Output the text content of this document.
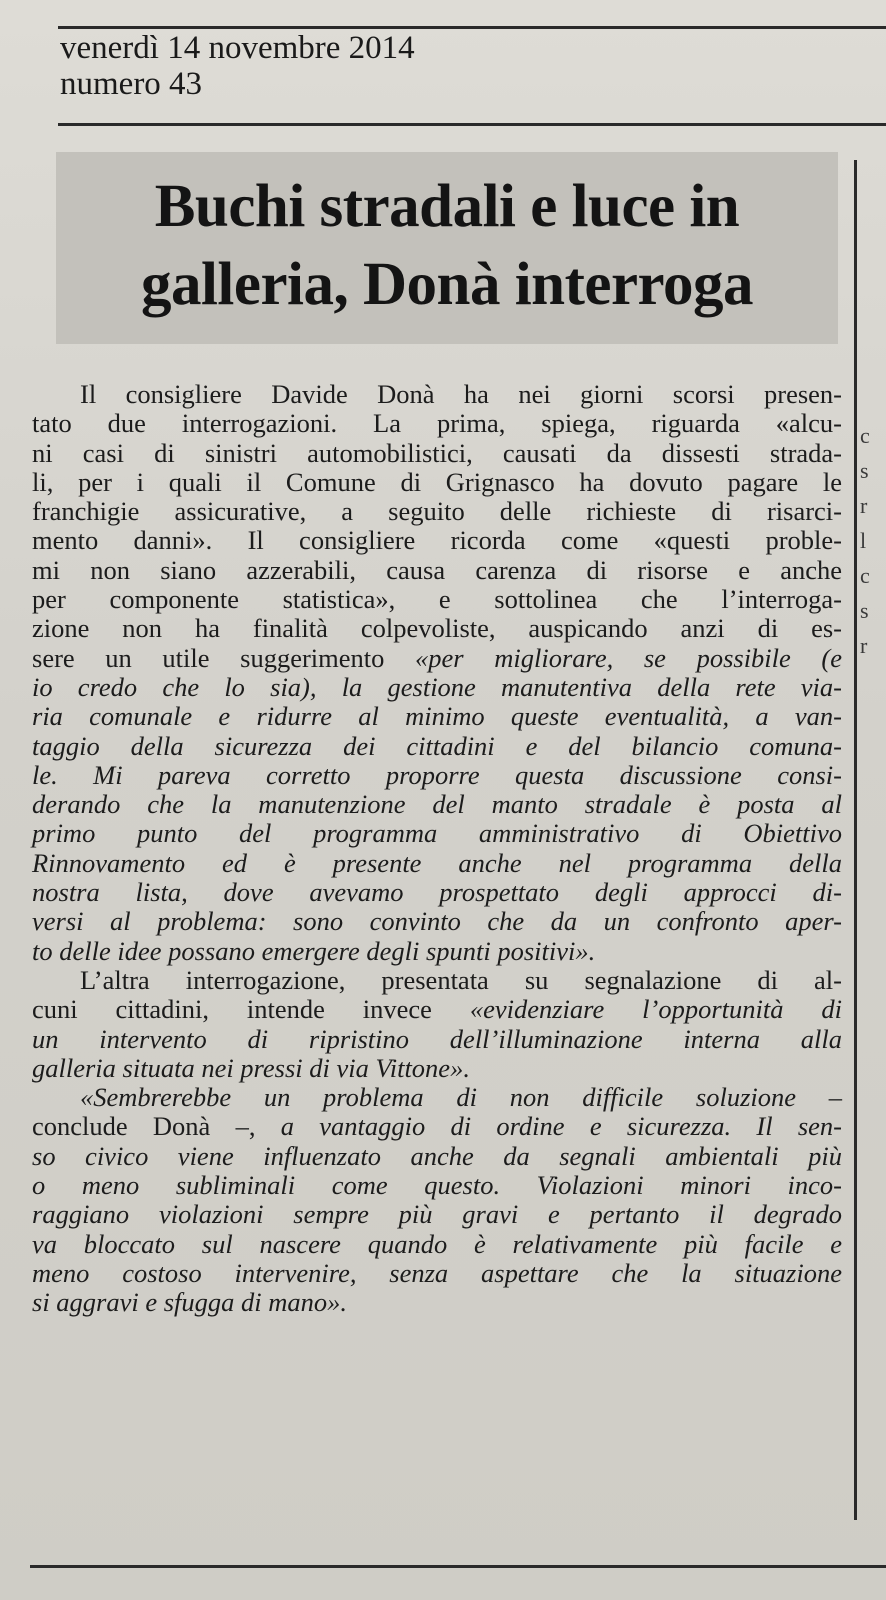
venerdì 14 novembre 2014
numero 43
Buchi stradali e luce in
galleria, Donà interroga
Il consigliere Davide Donà ha nei giorni scorsi presen-
tato due interrogazioni. La prima, spiega, riguarda «alcu-
ni casi di sinistri automobilistici, causati da dissesti strada-
li, per i quali il Comune di Grignasco ha dovuto pagare le
franchigie assicurative, a seguito delle richieste di risarci-
mento danni». Il consigliere ricorda come «questi proble-
mi non siano azzerabili, causa carenza di risorse e anche
per componente statistica», e sottolinea che l’interroga-
zione non ha finalità colpevoliste, auspicando anzi di es-
sere un utile suggerimento «per migliorare, se possibile (e
io credo che lo sia), la gestione manutentiva della rete via-
ria comunale e ridurre al minimo queste eventualità, a van-
taggio della sicurezza dei cittadini e del bilancio comuna-
le. Mi pareva corretto proporre questa discussione consi-
derando che la manutenzione del manto stradale è posta al
primo punto del programma amministrativo di Obiettivo
Rinnovamento ed è presente anche nel programma della
nostra lista, dove avevamo prospettato degli approcci di-
versi al problema: sono convinto che da un confronto aper-
to delle idee possano emergere degli spunti positivi».
L’altra interrogazione, presentata su segnalazione di al-
cuni cittadini, intende invece «evidenziare l’opportunità di
un intervento di ripristino dell’illuminazione interna alla
galleria situata nei pressi di via Vittone».
«Sembrerebbe un problema di non difficile soluzione –
conclude Donà –, a vantaggio di ordine e sicurezza. Il sen-
so civico viene influenzato anche da segnali ambientali più
o meno subliminali come questo. Violazioni minori inco-
raggiano violazioni sempre più gravi e pertanto il degrado
va bloccato sul nascere quando è relativamente più facile e
meno costoso intervenire, senza aspettare che la situazione
si aggravi e sfugga di mano».
c
s
r
l
c
s
r
